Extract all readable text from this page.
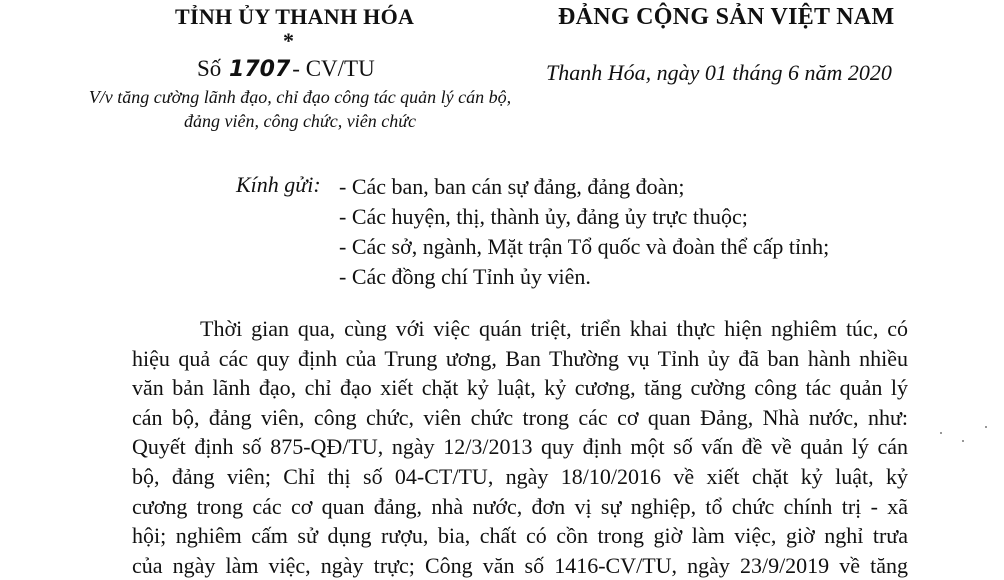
TỈNH ỦY THANH HÓA
*
Số 1707- CV/TU
V/v tăng cường lãnh đạo, chỉ đạo công tác quản lý cán bộ, đảng viên, công chức, viên chức
ĐẢNG CỘNG SẢN VIỆT NAM
Thanh Hóa, ngày 01 tháng 6 năm 2020
Kính gửi: - Các ban, ban cán sự đảng, đảng đoàn;
- Các huyện, thị, thành ủy, đảng ủy trực thuộc;
- Các sở, ngành, Mặt trận Tổ quốc và đoàn thể cấp tỉnh;
- Các đồng chí Tỉnh ủy viên.
Thời gian qua, cùng với việc quán triệt, triển khai thực hiện nghiêm túc, có
hiệu quả các quy định của Trung ương, Ban Thường vụ Tỉnh ủy đã ban hành nhiều
văn bản lãnh đạo, chỉ đạo xiết chặt kỷ luật, kỷ cương, tăng cường công tác quản lý
cán bộ, đảng viên, công chức, viên chức trong các cơ quan Đảng, Nhà nước, như:
Quyết định số 875-QĐ/TU, ngày 12/3/2013 quy định một số vấn đề về quản lý cán
bộ, đảng viên; Chỉ thị số 04-CT/TU, ngày 18/10/2016 về xiết chặt kỷ luật, kỷ
cương trong các cơ quan đảng, nhà nước, đơn vị sự nghiệp, tổ chức chính trị - xã
hội; nghiêm cấm sử dụng rượu, bia, chất có cồn trong giờ làm việc, giờ nghỉ trưa
của ngày làm việc, ngày trực; Công văn số 1416-CV/TU, ngày 23/9/2019 về tăng
